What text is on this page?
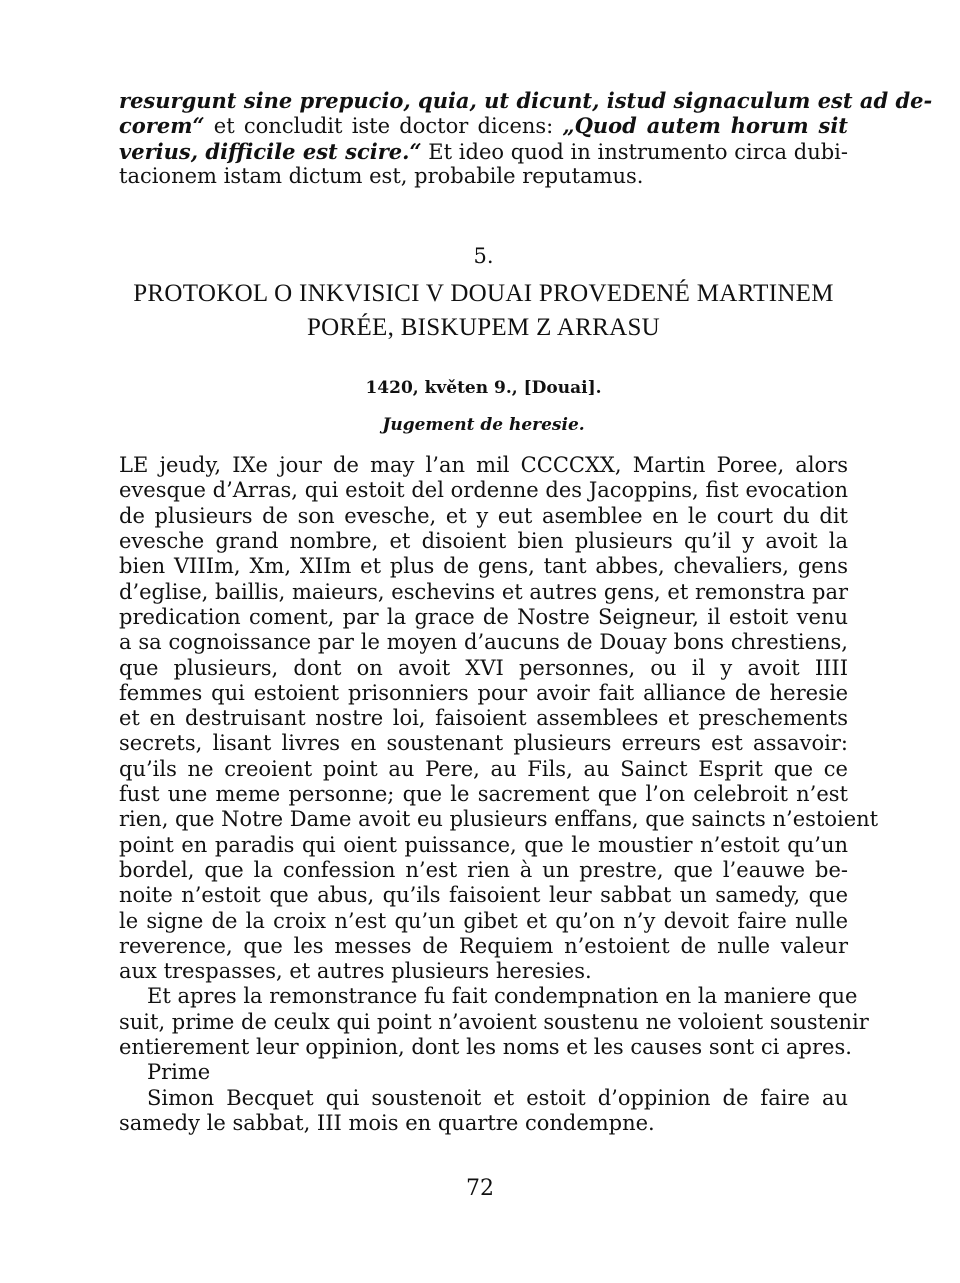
resurgunt sine prepucio, quia, ut dicunt, istud signaculum est ad de-
corem“ et concludit iste doctor dicens: „Quod autem horum sit
verius, difficile est scire.“ Et ideo quod in instrumento circa dubi-
tacionem istam dictum est, probabile reputamus.
5.
PROTOKOL O INKVISICI V DOUAI PROVEDENÉ MARTINEM
PORÉE, BISKUPEM Z ARRASU
1420, květen 9., [Douai].
Jugement de heresie.
LE jeudy, IXe jour de may l’an mil CCCCXX, Martin Poree, alors
evesque d’Arras, qui estoit del ordenne des Jacoppins, fist evocation
de plusieurs de son evesche, et y eut asemblee en le court du dit
evesche grand nombre, et disoient bien plusieurs qu’il y avoit la
bien VIIIm, Xm, XIIm et plus de gens, tant abbes, chevaliers, gens
d’eglise, baillis, maieurs, eschevins et autres gens, et remonstra par
predication coment, par la grace de Nostre Seigneur, il estoit venu
a sa cognoissance par le moyen d’aucuns de Douay bons chrestiens,
que plusieurs, dont on avoit XVI personnes, ou il y avoit IIII
femmes qui estoient prisonniers pour avoir fait alliance de heresie
et en destruisant nostre loi, faisoient assemblees et preschements
secrets, lisant livres en soustenant plusieurs erreurs est assavoir:
qu’ils ne creoient point au Pere, au Fils, au Sainct Esprit que ce
fust une meme personne; que le sacrement que l’on celebroit n’est
rien, que Notre Dame avoit eu plusieurs enffans, que saincts n’estoient
point en paradis qui oient puissance, que le moustier n’estoit qu’un
bordel, que la confession n’est rien à un prestre, que l’eauwe be-
noite n’estoit que abus, qu’ils faisoient leur sabbat un samedy, que
le signe de la croix n’est qu’un gibet et qu’on n’y devoit faire nulle
reverence, que les messes de Requiem n’estoient de nulle valeur
aux trespasses, et autres plusieurs heresies.
Et apres la remonstrance fu fait condempnation en la maniere que
suit, prime de ceulx qui point n’avoient soustenu ne voloient soustenir
entierement leur oppinion, dont les noms et les causes sont ci apres.
Prime
Simon Becquet qui soustenoit et estoit d’oppinion de faire au
samedy le sabbat, III mois en quartre condempne.
72
